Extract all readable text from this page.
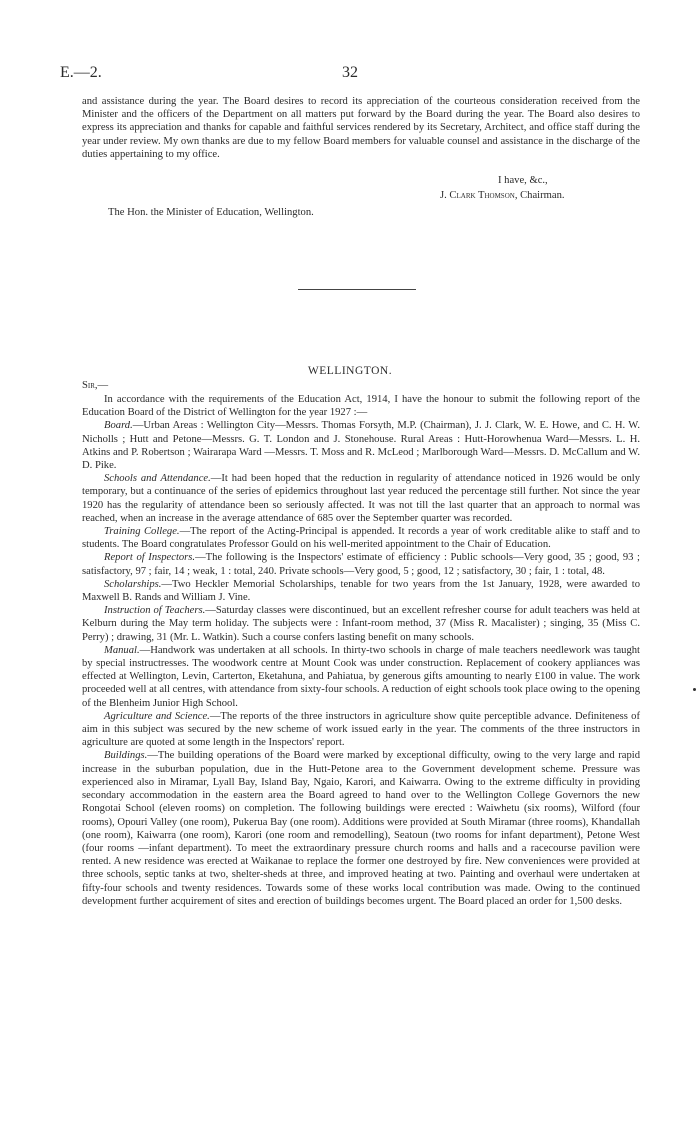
E.—2.	32

and assistance during the year. The Board desires to record its appreciation of the courteous consideration received from the Minister and the officers of the Department on all matters put forward by the Board during the year. The Board also desires to express its appreciation and thanks for capable and faithful services rendered by its Secretary, Architect, and office staff during the year under review. My own thanks are due to my fellow Board members for valuable counsel and assistance in the discharge of the duties appertaining to my office.

I have, &c.,
J. Clark Thomson, Chairman.
The Hon. the Minister of Education, Wellington.
WELLINGTON.
Sir,—

In accordance with the requirements of the Education Act, 1914, I have the honour to submit the following report of the Education Board of the District of Wellington for the year 1927 :—

Board.—Urban Areas : Wellington City—Messrs. Thomas Forsyth, M.P. (Chairman), J. J. Clark, W. E. Howe, and C. H. W. Nicholls ; Hutt and Petone—Messrs. G. T. London and J. Stonehouse. Rural Areas : Hutt-Horowhenua Ward—Messrs. L. H. Atkins and P. Robertson ; Wairarapa Ward —Messrs. T. Moss and R. McLeod ; Marlborough Ward—Messrs. D. McCallum and W. D. Pike.

Schools and Attendance.—It had been hoped that the reduction in regularity of attendance noticed in 1926 would be only temporary, but a continuance of the series of epidemics throughout last year reduced the percentage still further. Not since the year 1920 has the regularity of attendance been so seriously affected. It was not till the last quarter that an approach to normal was reached, when an increase in the average attendance of 685 over the September quarter was recorded.

Training College.—The report of the Acting-Principal is appended. It records a year of work creditable alike to staff and to students. The Board congratulates Professor Gould on his well-merited appointment to the Chair of Education.

Report of Inspectors.—The following is the Inspectors' estimate of efficiency : Public schools—Very good, 35 ; good, 93 ; satisfactory, 97 ; fair, 14 ; weak, 1 : total, 240. Private schools—Very good, 5 ; good, 12 ; satisfactory, 30 ; fair, 1 : total, 48.

Scholarships.—Two Heckler Memorial Scholarships, tenable for two years from the 1st January, 1928, were awarded to Maxwell B. Rands and William J. Vine.

Instruction of Teachers.—Saturday classes were discontinued, but an excellent refresher course for adult teachers was held at Kelburn during the May term holiday. The subjects were : Infant-room method, 37 (Miss R. Macalister) ; singing, 35 (Miss C. Perry) ; drawing, 31 (Mr. L. Watkin). Such a course confers lasting benefit on many schools.

Manual.—Handwork was undertaken at all schools. In thirty-two schools in charge of male teachers needlework was taught by special instructresses. The woodwork centre at Mount Cook was under construction. Replacement of cookery appliances was effected at Wellington, Levin, Carterton, Eketahuna, and Pahiatua, by generous gifts amounting to nearly £100 in value. The work proceeded well at all centres, with attendance from sixty-four schools. A reduction of eight schools took place owing to the opening of the Blenheim Junior High School.

Agriculture and Science.—The reports of the three instructors in agriculture show quite perceptible advance. Definiteness of aim in this subject was secured by the new scheme of work issued early in the year. The comments of the three instructors in agriculture are quoted at some length in the Inspectors' report.

Buildings.—The building operations of the Board were marked by exceptional difficulty, owing to the very large and rapid increase in the suburban population, due in the Hutt-Petone area to the Government development scheme. Pressure was experienced also in Miramar, Lyall Bay, Island Bay, Ngaio, Karori, and Kaiwarra. Owing to the extreme difficulty in providing secondary accommodation in the eastern area the Board agreed to hand over to the Wellington College Governors the new Rongotai School (eleven rooms) on completion. The following buildings were erected : Waiwhetu (six rooms), Wilford (four rooms), Opouri Valley (one room), Pukerua Bay (one room). Additions were provided at South Miramar (three rooms), Khandallah (one room), Kaiwarra (one room), Karori (one room and remodelling), Seatoun (two rooms for infant department), Petone West (four rooms —infant department). To meet the extraordinary pressure church rooms and halls and a racecourse pavilion were rented. A new residence was erected at Waikanae to replace the former one destroyed by fire. New conveniences were provided at three schools, septic tanks at two, shelter-sheds at three, and improved heating at two. Painting and overhaul were undertaken at fifty-four schools and twenty residences. Towards some of these works local contribution was made. Owing to the continued development further acquirement of sites and erection of buildings becomes urgent. The Board placed an order for 1,500 desks.
